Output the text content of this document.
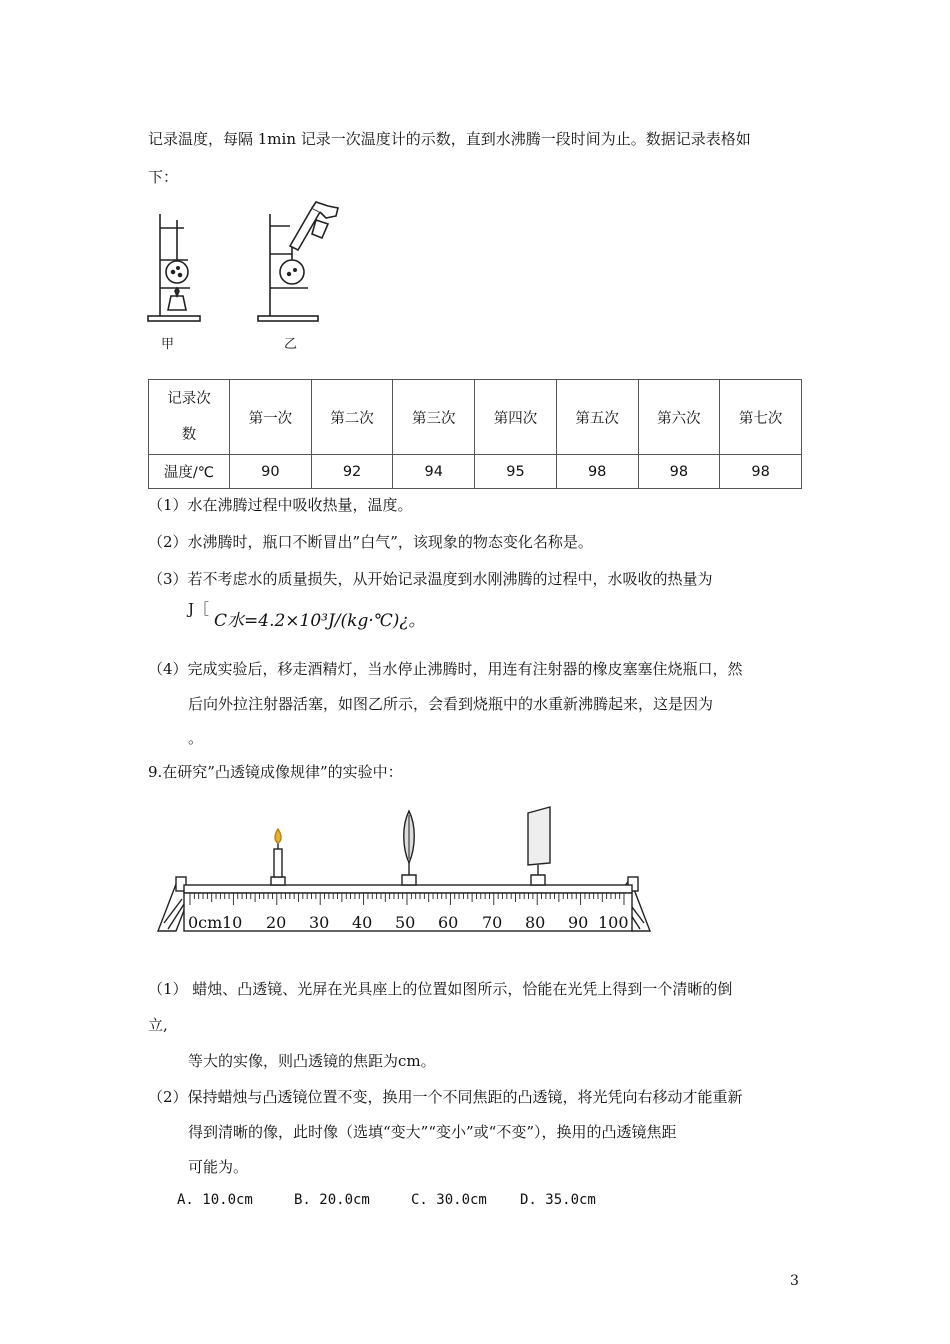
记录温度，每隔 1min 记录一次温度计的示数，直到水沸腾一段时间为止。数据记录表格如
下：
甲	乙
记录次
数	第一次	第二次	第三次	第四次	第五次	第六次	第七次
温度/℃	90	92	94	95	98	98	98
（1）水在沸腾过程中吸收热量，温度。
（2）水沸腾时，瓶口不断冒出”白气”，该现象的物态变化名称是。
（3）若不考虑水的质量损失，从开始记录温度到水刚沸腾的过程中，水吸收的热量为
J［
C水=4.2×10³J/(kg·℃)¿。
（4）完成实验后，移走酒精灯，当水停止沸腾时，用连有注射器的橡皮塞塞住烧瓶口，然
后向外拉注射器活塞，如图乙所示，会看到烧瓶中的水重新沸腾起来，这是因为
。
9.在研究”凸透镜成像规律”的实验中：
0cm 10 20 30 40 50 60 70 80 90 100
（1） 蜡烛、凸透镜、光屏在光具座上的位置如图所示，恰能在光凭上得到一个清晰的倒
立,
等大的实像，则凸透镜的焦距为cm。
（2）保持蜡烛与凸透镜位置不变，换用一个不同焦距的凸透镜，将光凭向右移动才能重新
得到清晰的像，此时像（选填“变大”“变小”或“不变”），换用的凸透镜焦距
可能为。
A. 10.0cm	B. 20.0cm	C. 30.0cm D. 35.0cm
3
